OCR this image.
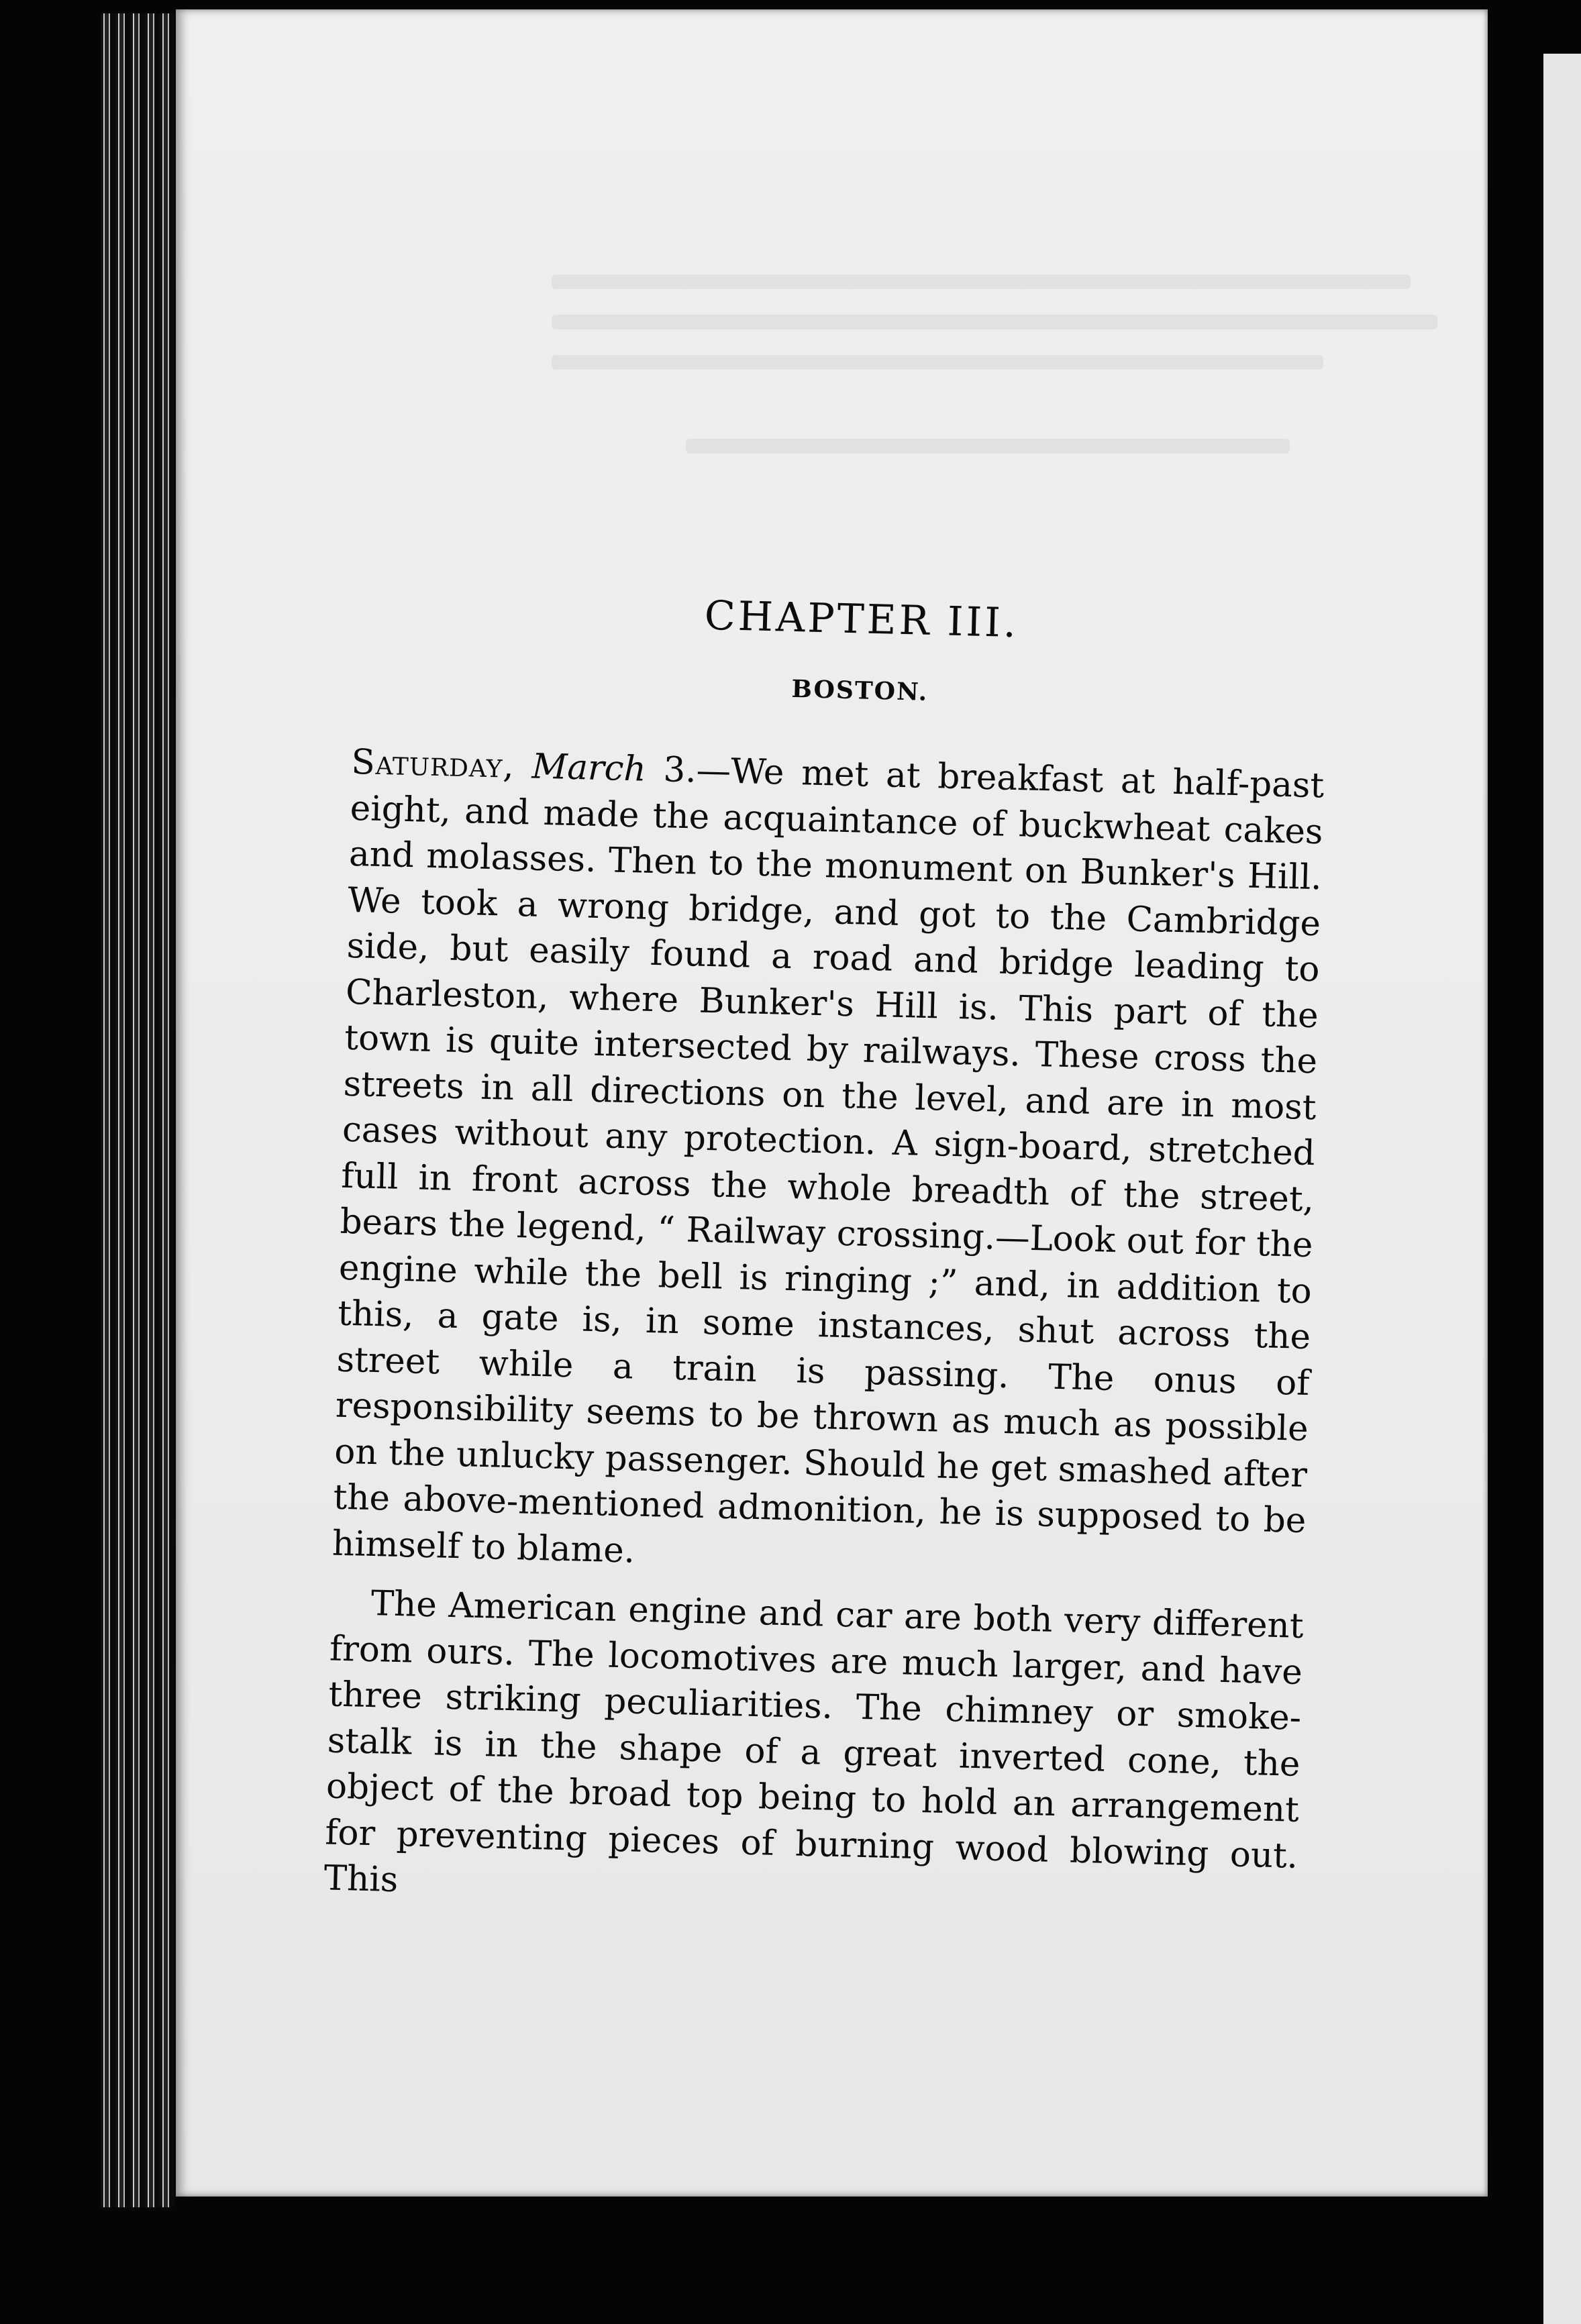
CHAPTER III.
BOSTON.

Saturday, March 3.—We met at breakfast at half-past eight, and made the acquaintance of buckwheat cakes and molasses. Then to the monument on Bunker's Hill. We took a wrong bridge, and got to the Cambridge side, but easily found a road and bridge leading to Charleston, where Bunker's Hill is. This part of the town is quite intersected by railways. These cross the streets in all directions on the level, and are in most cases without any protection. A sign-board, stretched full in front across the whole breadth of the street, bears the legend, “ Railway crossing.—Look out for the engine while the bell is ringing ;” and, in addition to this, a gate is, in some instances, shut across the street while a train is passing. The onus of responsibility seems to be thrown as much as possible on the unlucky passenger. Should he get smashed after the above-mentioned admonition, he is supposed to be himself to blame.

The American engine and car are both very different from ours. The locomotives are much larger, and have three striking peculiarities. The chimney or smoke-stalk is in the shape of a great inverted cone, the object of the broad top being to hold an arrangement for preventing pieces of burning wood blowing out. This
